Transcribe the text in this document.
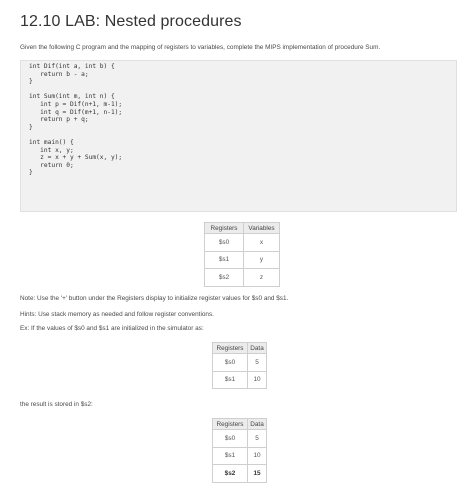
12.10 LAB: Nested procedures

Given the following C program and the mapping of registers to variables, complete the MIPS implementation of procedure Sum.

int Dif(int a, int b) {
return b - a;
}

int Sum(int m, int n) {
int p = Dif(n+1, m-1);
int q = Dif(m+1, n-1);
return p + q;
}

int main() {
int x, y;
z = x + y + Sum(x, y);
return 0;
}
Registers	Variables
$s0	x
$s1	y
$s2	z

Note: Use the '+' button under the Registers display to initialize register values for $s0 and $s1.

Hints: Use stack memory as needed and follow register conventions.

Ex: If the values of $s0 and $s1 are initialized in the simulator as:

Registers	Data
$s0	5
$s1	10

the result is stored in $s2:

Registers	Data
$s0	5
$s1	10
$s2	15
